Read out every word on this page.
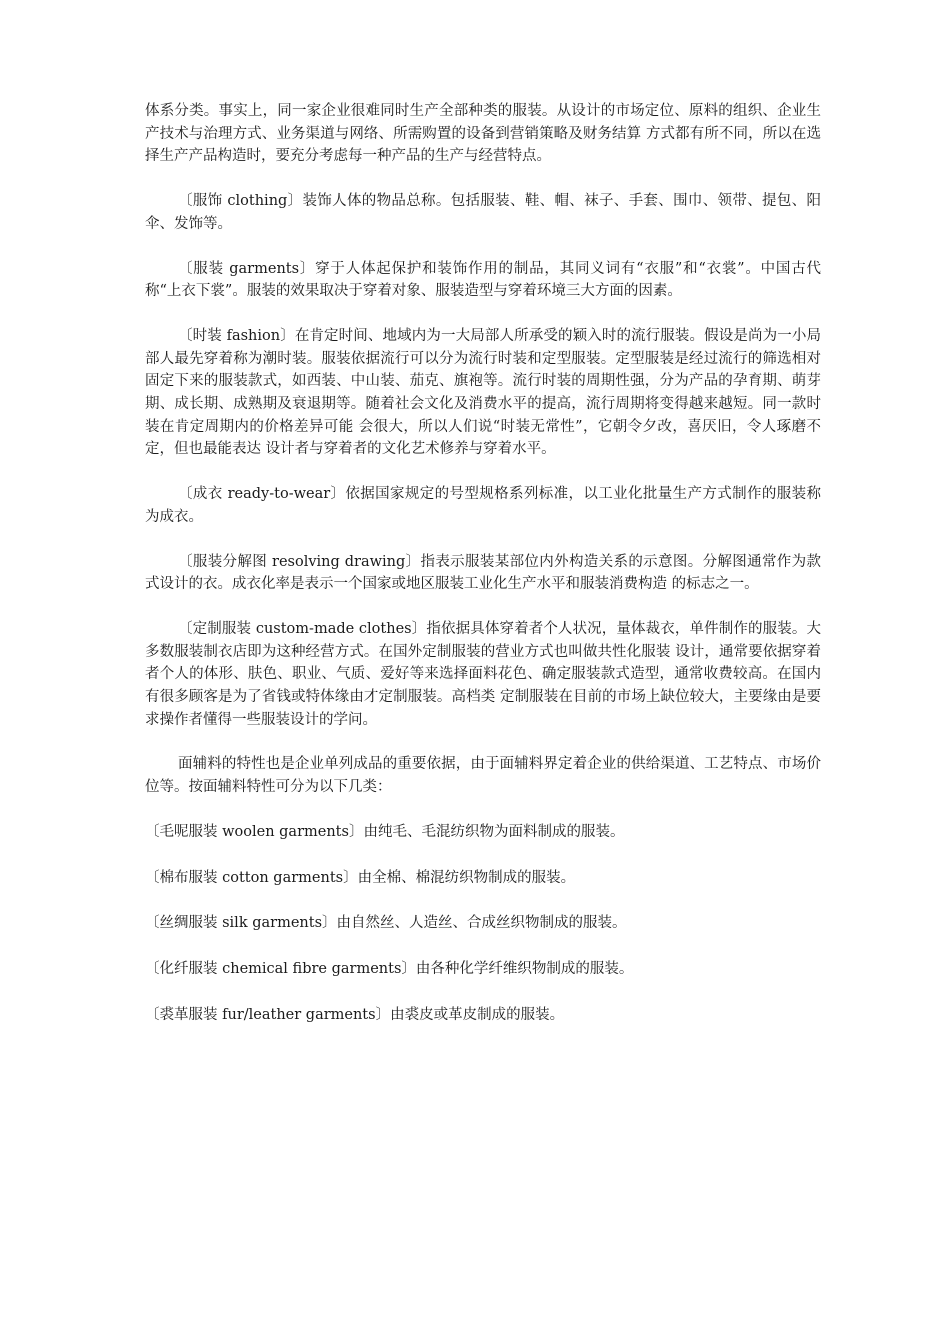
体系分类。事实上，同一家企业很难同时生产全部种类的服装。从设计的市场定位、原料的组织、企业生产技术与治理方式、业务渠道与网络、所需购置的设备到营销策略及财务结算 方式都有所不同，所以在选择生产产品构造时，要充分考虑每一种产品的生产与经营特点。

〔服饰 clothing〕装饰人体的物品总称。包括服装、鞋、帽、袜子、手套、围巾、领带、提包、阳伞、发饰等。

〔服装 garments〕穿于人体起保护和装饰作用的制品，其同义词有“衣服”和“衣裳”。中国古代称“上衣下裳”。服装的效果取决于穿着对象、服装造型与穿着环境三大方面的因素。

〔时装 fashion〕在肯定时间、地域内为一大局部人所承受的颖入时的流行服装。假设是尚为一小局部人最先穿着称为潮时装。服装依据流行可以分为流行时装和定型服装。定型服装是经过流行的筛选相对固定下来的服装款式，如西装、中山装、茄克、旗袍等。流行时装的周期性强，分为产品的孕育期、萌芽期、成长期、成熟期及衰退期等。随着社会文化及消费水平的提高，流行周期将变得越来越短。同一款时装在肯定周期内的价格差异可能 会很大，所以人们说“时装无常性”，它朝令夕改，喜厌旧，令人琢磨不定，但也最能表达 设计者与穿着者的文化艺术修养与穿着水平。

〔成衣 ready-to-wear〕依据国家规定的号型规格系列标准，以工业化批量生产方式制作的服装称为成衣。

〔服装分解图 resolving drawing〕指表示服装某部位内外构造关系的示意图。分解图通常作为款式设计的衣。成衣化率是表示一个国家或地区服装工业化生产水平和服装消费构造 的标志之一。

〔定制服装 custom-made clothes〕指依据具体穿着者个人状况，量体裁衣，单件制作的服装。大多数服装制衣店即为这种经营方式。在国外定制服装的营业方式也叫做共性化服装 设计，通常要依据穿着者个人的体形、肤色、职业、气质、爱好等来选择面料花色、确定服装款式造型，通常收费较高。在国内有很多顾客是为了省钱或特体缘由才定制服装。高档类 定制服装在目前的市场上缺位较大，主要缘由是要求操作者懂得一些服装设计的学问。

面辅料的特性也是企业单列成品的重要依据，由于面辅料界定着企业的供给渠道、工艺特点、市场价位等。按面辅料特性可分为以下几类：

〔毛呢服装 woolen garments〕由纯毛、毛混纺织物为面料制成的服装。

〔棉布服装 cotton garments〕由全棉、棉混纺织物制成的服装。

〔丝绸服装 silk garments〕由自然丝、人造丝、合成丝织物制成的服装。

〔化纤服装 chemical fibre garments〕由各种化学纤维织物制成的服装。

〔裘革服装 fur/leather garments〕由裘皮或革皮制成的服装。
